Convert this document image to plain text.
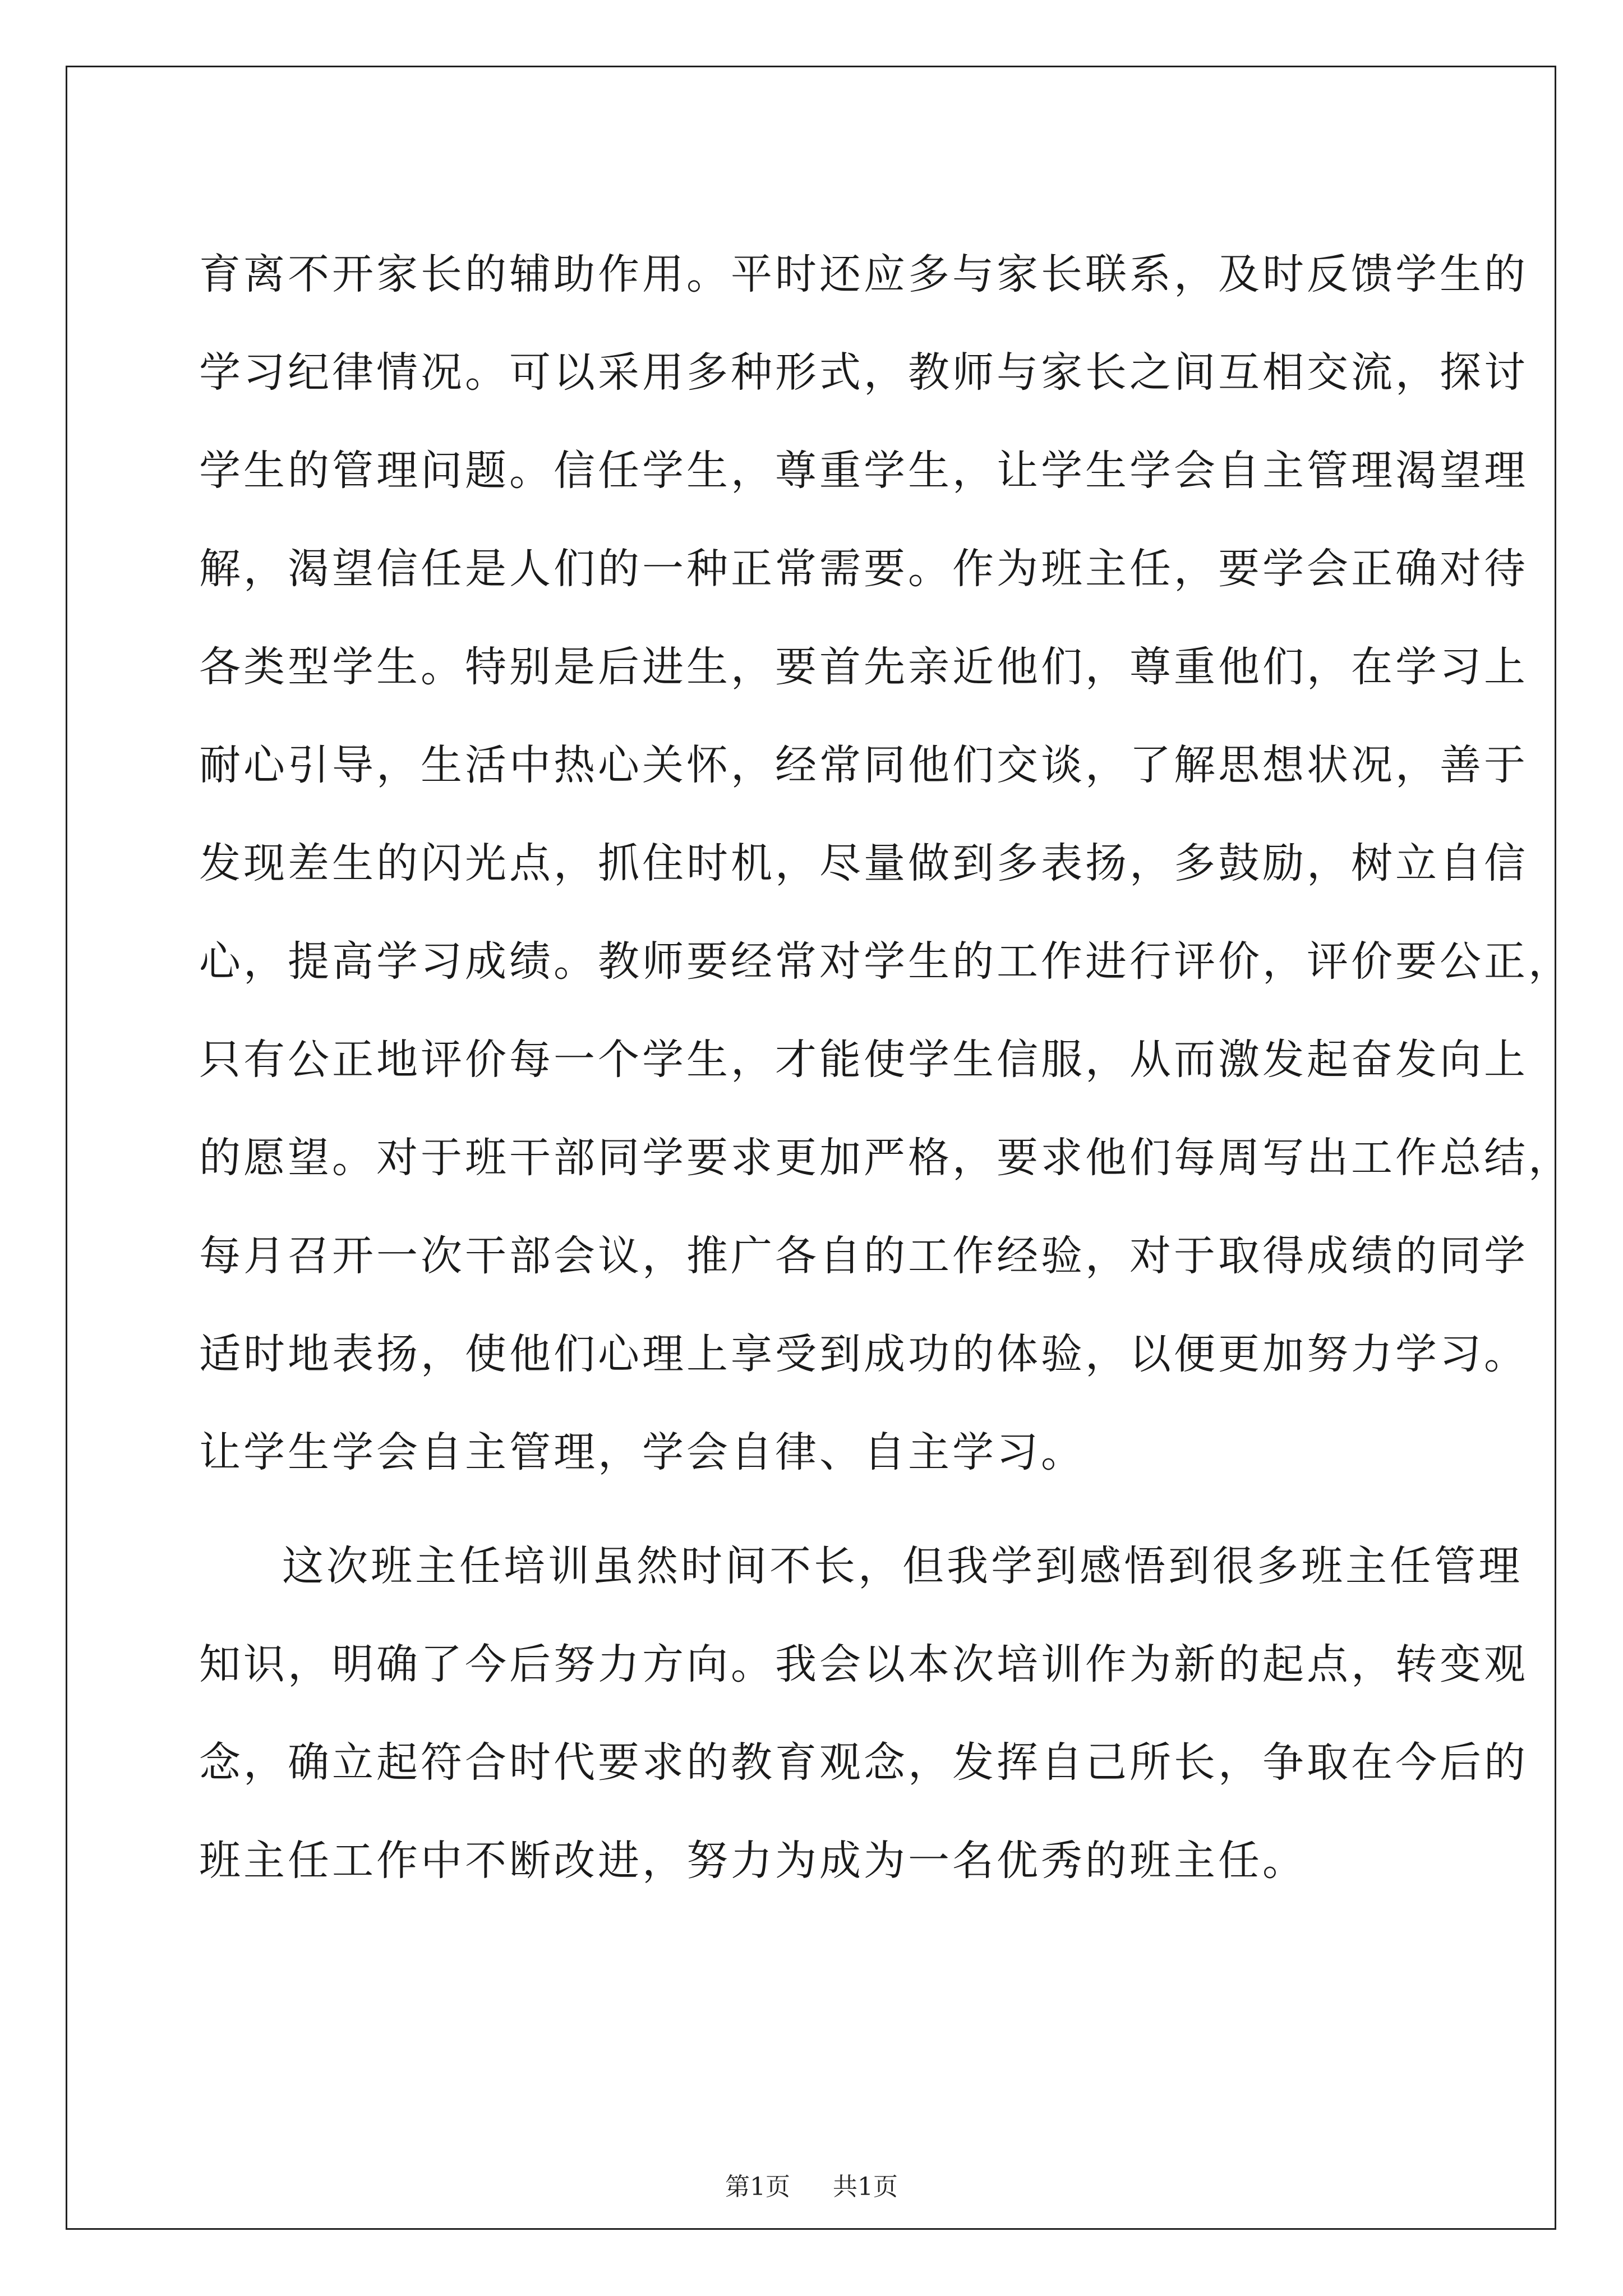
育离不开家长的辅助作用。平时还应多与家长联系，及时反馈学生的
学习纪律情况。可以采用多种形式，教师与家长之间互相交流，探讨
学生的管理问题。信任学生，尊重学生，让学生学会自主管理渴望理
解，渴望信任是人们的一种正常需要。作为班主任，要学会正确对待
各类型学生。特别是后进生，要首先亲近他们，尊重他们，在学习上
耐心引导，生活中热心关怀，经常同他们交谈，了解思想状况，善于
发现差生的闪光点，抓住时机，尽量做到多表扬，多鼓励，树立自信
心，提高学习成绩。教师要经常对学生的工作进行评价，评价要公正，
只有公正地评价每一个学生，才能使学生信服，从而激发起奋发向上
的愿望。对于班干部同学要求更加严格，要求他们每周写出工作总结，
每月召开一次干部会议，推广各自的工作经验，对于取得成绩的同学
适时地表扬，使他们心理上享受到成功的体验，以便更加努力学习。
让学生学会自主管理，学会自律、自主学习。
这次班主任培训虽然时间不长，但我学到感悟到很多班主任管理
知识，明确了今后努力方向。我会以本次培训作为新的起点，转变观
念，确立起符合时代要求的教育观念，发挥自己所长，争取在今后的
班主任工作中不断改进，努力为成为一名优秀的班主任。
第1页 共1页
